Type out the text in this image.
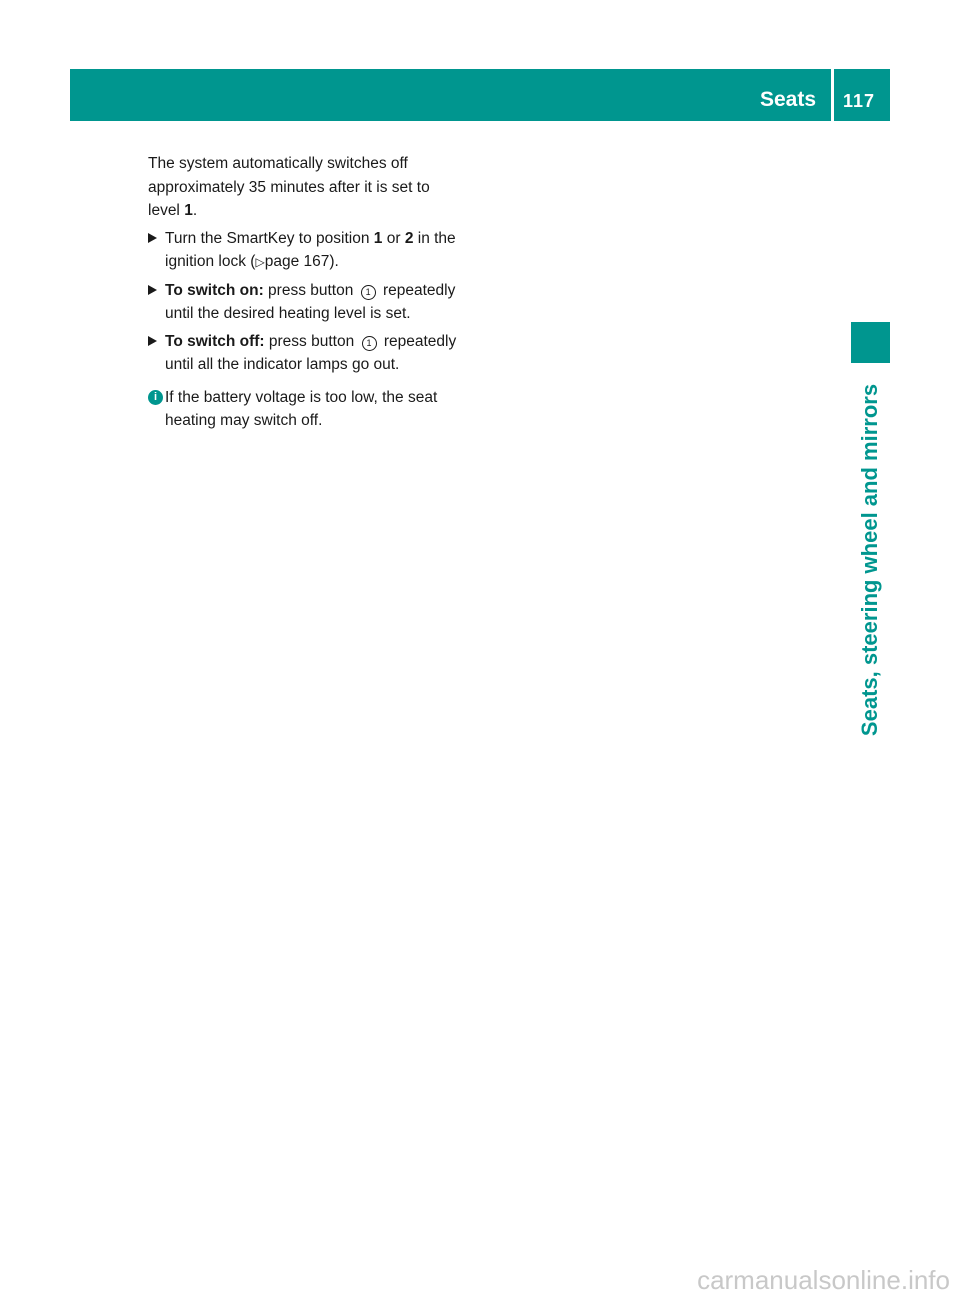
Seats 117
Seats, steering wheel and mirrors

The system automatically switches off
approximately 35 minutes after it is set to
level 1.

Turn the SmartKey to position 1 or 2 in the
ignition lock (▷page 167).
To switch on: press button 1 repeatedly
until the desired heating level is set.
To switch off: press button 1 repeatedly
until all the indicator lamps go out.
i If the battery voltage is too low, the seat
heating may switch off.
carmanualsonline.info
